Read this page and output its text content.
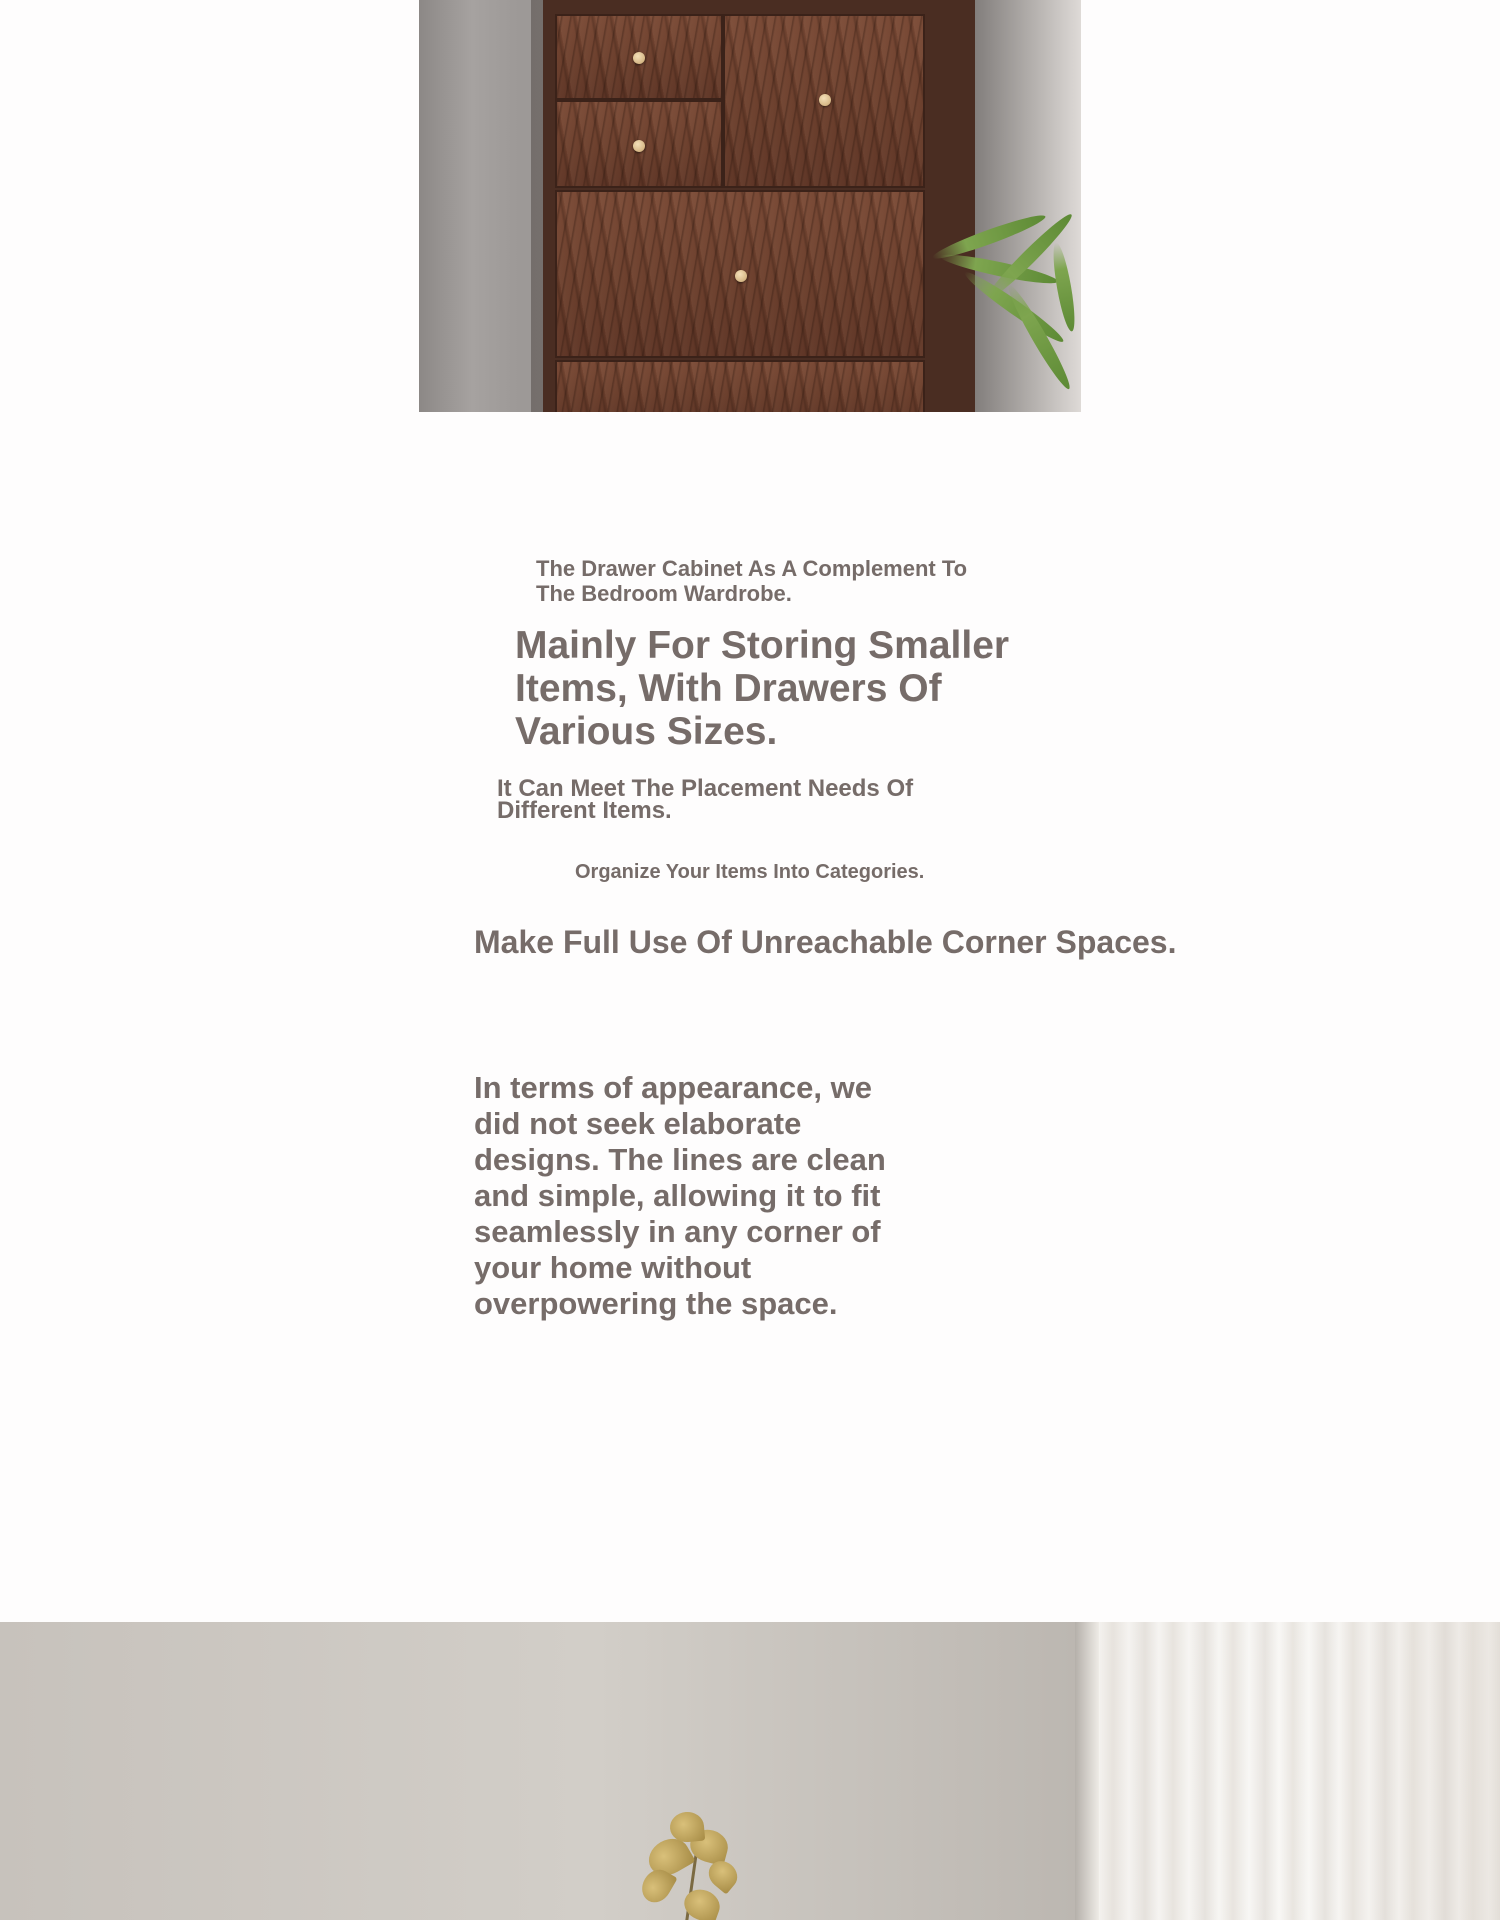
The Drawer Cabinet As A Complement To The Bedroom Wardrobe.

Mainly For Storing Smaller Items, With Drawers Of Various Sizes.

It Can Meet The Placement Needs Of Different Items.

Organize Your Items Into Categories.

Make Full Use Of Unreachable Corner Spaces.

In terms of appearance, we did not seek elaborate designs. The lines are clean and simple, allowing it to fit seamlessly in any corner of your home without overpowering the space.
